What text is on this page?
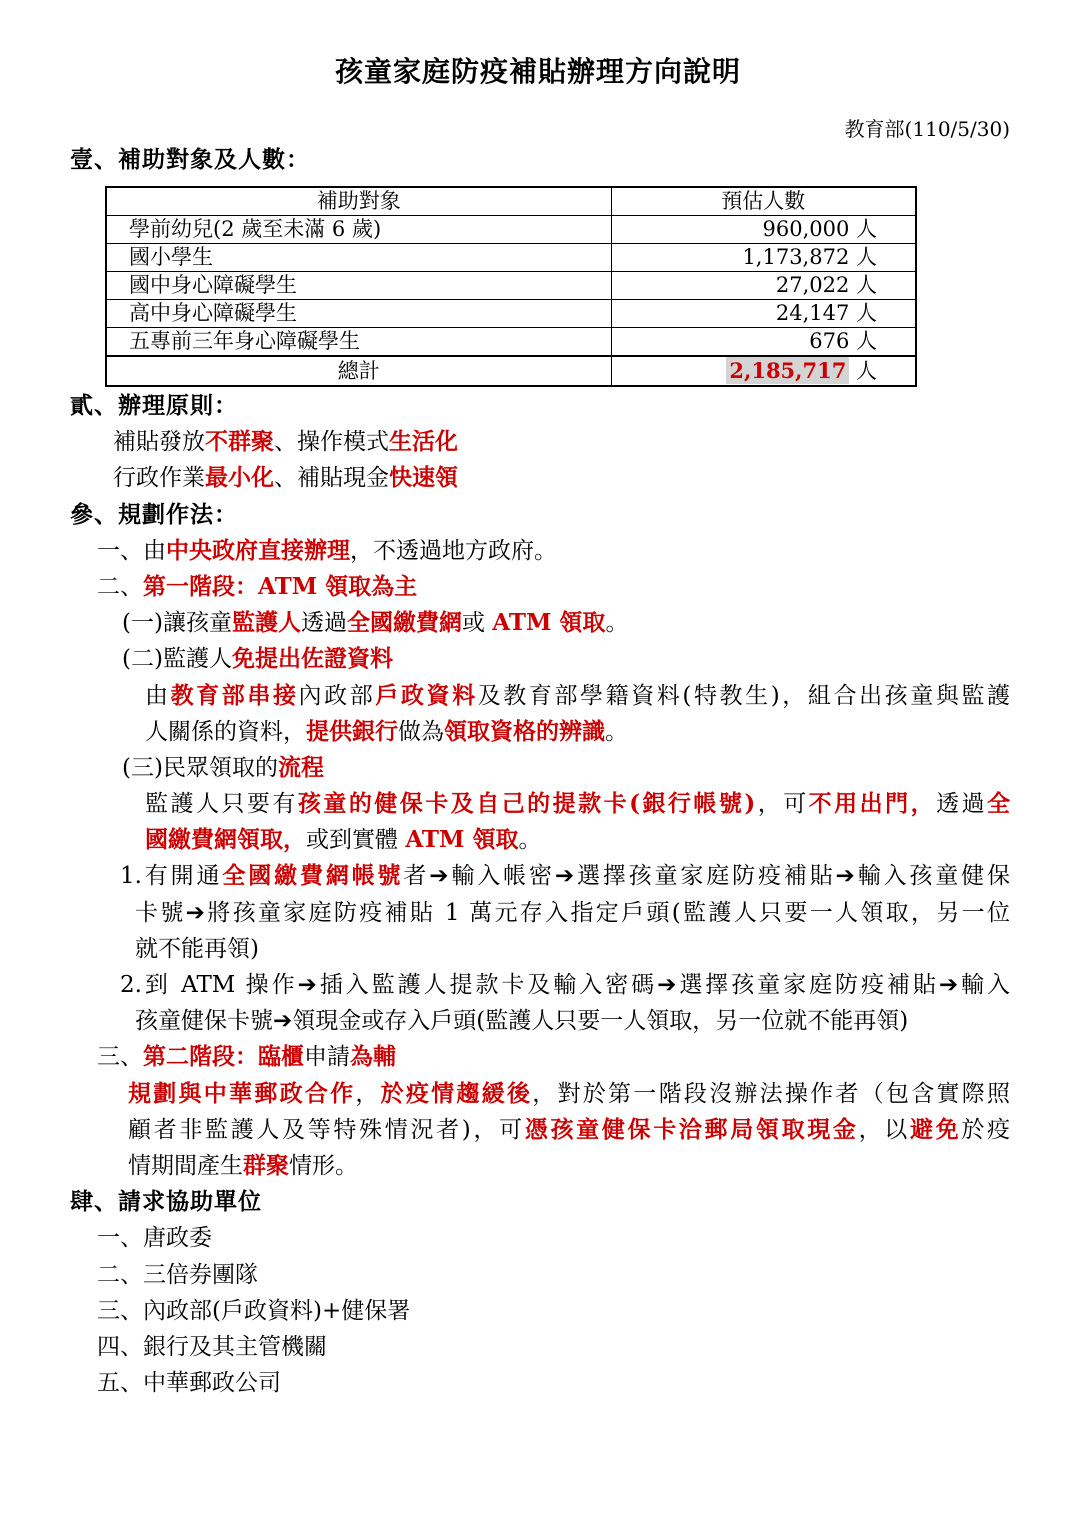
孩童家庭防疫補貼辦理方向說明
教育部(110/5/30)
壹、補助對象及人數：
補助對象	預估人數
學前幼兒(2 歲至未滿 6 歲)	960,000 人
國小學生	1,173,872 人
國中身心障礙學生	27,022 人
高中身心障礙學生	24,147 人
五專前三年身心障礙學生	676 人
總計	2,185,717 人
貳、辦理原則：
補貼發放不群聚、操作模式生活化
行政作業最小化、補貼現金快速領
參、規劃作法：
一、由中央政府直接辦理，不透過地方政府。
二、第一階段：ATM 領取為主
(一)讓孩童監護人透過全國繳費網或 ATM 領取。
(二)監護人免提出佐證資料
由教育部串接內政部戶政資料及教育部學籍資料(特教生)，組合出孩童與監護
人關係的資料，提供銀行做為領取資格的辨識。
(三)民眾領取的流程
監護人只要有孩童的健保卡及自己的提款卡(銀行帳號)，可不用出門，透過全
國繳費網領取，或到實體 ATM 領取。
1.有開通全國繳費網帳號者➔輸入帳密➔選擇孩童家庭防疫補貼➔輸入孩童健保
卡號➔將孩童家庭防疫補貼 1 萬元存入指定戶頭(監護人只要一人領取，另一位
就不能再領)
2.到 ATM 操作➔插入監護人提款卡及輸入密碼➔選擇孩童家庭防疫補貼➔輸入
孩童健保卡號➔領現金或存入戶頭(監護人只要一人領取，另一位就不能再領)
三、第二階段：臨櫃申請為輔
規劃與中華郵政合作，於疫情趨緩後，對於第一階段沒辦法操作者（包含實際照
顧者非監護人及等特殊情況者)，可憑孩童健保卡洽郵局領取現金，以避免於疫
情期間產生群聚情形。
肆、請求協助單位
一、唐政委
二、三倍券團隊
三、內政部(戶政資料)+健保署
四、銀行及其主管機關
五、中華郵政公司
